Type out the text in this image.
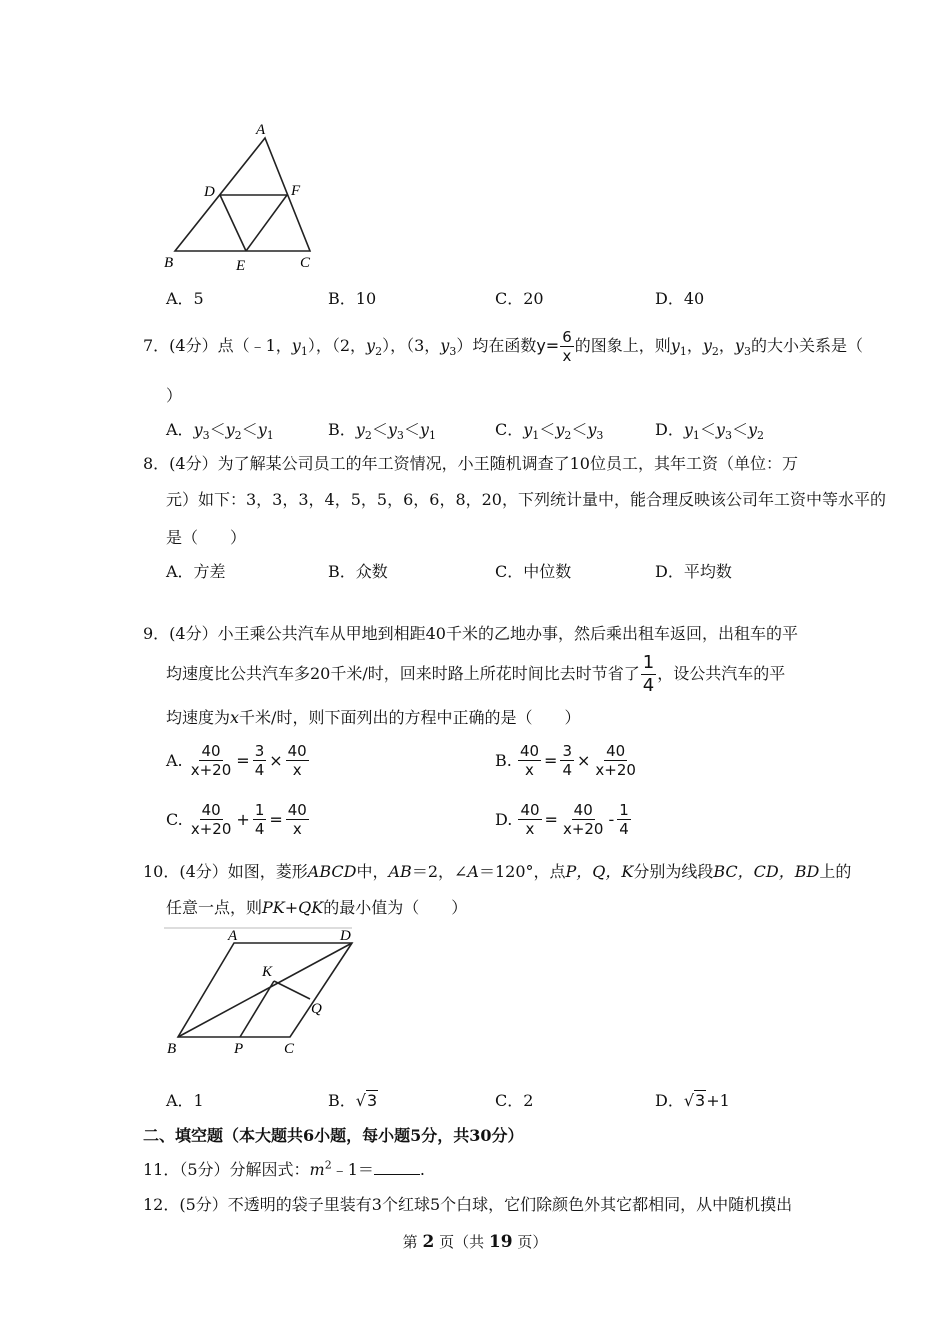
A
D	F
B	E	C
A．5	B．10	C．20	D．40
7．(4分）点（﹣1，$y_1$），（2，$y_2$），（3，$y_3$）均在函数$y= \frac{6}{x}$ 的图象上，则$y_1$，$y_2$，$y_3$的大小关系是（
）
A．$y_3<y_2<y_1$	B．$y_2<y_3<y_1$	C．$y_1<y_2<y_3$	D．$y_1<y_3<y_2$
8．(4分）为了解某公司员工的年工资情况，小王随机调查了10位员工，其年工资（单位：万
元）如下：3，3，3，4，5，5，6，6，8，20，下列统计量中，能合理反映该公司年工资中等水平的
是（　　）
A．方差	B．众数	C．中位数	D．平均数
9．(4分）小王乘公共汽车从甲地到相距40千米的乙地办事，然后乘出租车返回，出租车的平
均速度比公共汽车多20千米/时，回来时路上所花时间比去时节省了 $\frac{1}{4}$ ，设公共汽车的平
均速度为x千米/时，则下面列出的方程中正确的是（　　）
A. $\frac{40}{x+20} = \frac{3}{4} \times \frac{40}{x}$	B. $\frac{40}{x} = \frac{3}{4} \times \frac{40}{x+20}$
C. $\frac{40}{x+20} + \frac{1}{4} = \frac{40}{x}$	D. $\frac{40}{x} = \frac{40}{x+20} - \frac{1}{4}$
10．(4分）如图，菱形ABCD中，AB＝2，∠A＝120°，点P，Q，K分别为线段BC，CD，BD上的
任意一点，则PK+QK的最小值为（　　）
A	D
K
Q
B	P	C
A．1	B．√3	C．2	D．√3+1
二、填空题（本大题共6小题，每小题5分，共30分）
11．（5分）分解因式：$m^2﹣1=$	.
12．(5分）不透明的袋子里装有3个红球5个白球，它们除颜色外其它都相同，从中随机摸出
第 2 页（共 19 页）
